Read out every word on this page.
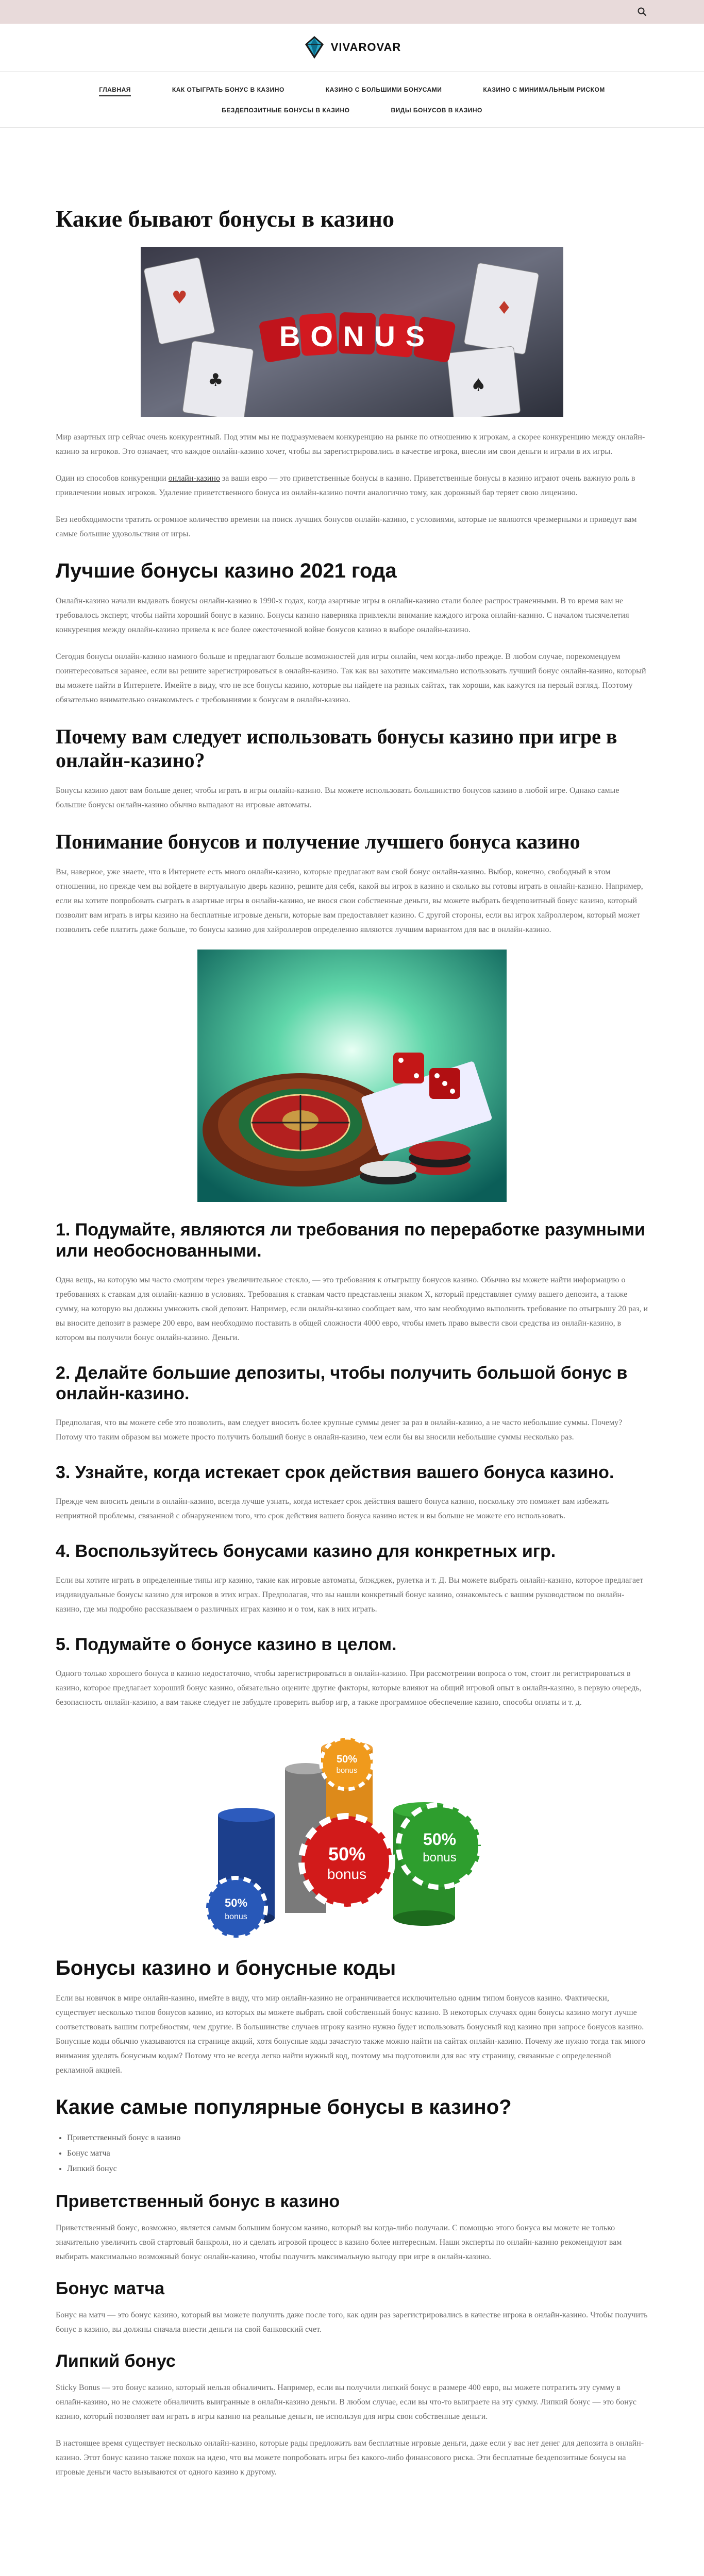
VIVAROVAR
ГЛАВНАЯ	КАК ОТЫГРАТЬ БОНУС В КАЗИНО	КАЗИНО С БОЛЬШИМИ БОНУСАМИ	КАЗИНО С МИНИМАЛЬНЫМ РИСКОМ
БЕЗДЕПОЗИТНЫЕ БОНУСЫ В КАЗИНО	ВИДЫ БОНУСОВ В КАЗИНО
Какие бывают бонусы в казино
♥	♦
♣	♠
BONUS

Мир азартных игр сейчас очень конкурентный. Под этим мы не подразумеваем конкуренцию на рынке по отношению к игрокам, а скорее конкуренцию между онлайн-казино за игроков. Это означает, что каждое онлайн-казино хочет, чтобы вы зарегистрировались в качестве игрока, внесли им свои деньги и играли в их игры.

Один из способов конкуренции онлайн-казино за ваши евро — это приветственные бонусы в казино. Приветственные бонусы в казино играют очень важную роль в привлечении новых игроков. Удаление приветственного бонуса из онлайн-казино почти аналогично тому, как дорожный бар теряет свою лицензию.

Без необходимости тратить огромное количество времени на поиск лучших бонусов онлайн-казино, с условиями, которые не являются чрезмерными и приведут вам самые большие удовольствия от игры.

Лучшие бонусы казино 2021 года

Онлайн-казино начали выдавать бонусы онлайн-казино в 1990-х годах, когда азартные игры в онлайн-казино стали более распространенными. В то время вам не требовалось эксперт, чтобы найти хороший бонус в казино. Бонусы казино наверняка привлекли внимание каждого игрока онлайн-казино. С началом тысячелетия конкуренция между онлайн-казино привела к все более ожесточенной войне бонусов казино в выборе онлайн-казино.

Сегодня бонусы онлайн-казино намного больше и предлагают больше возможностей для игры онлайн, чем когда-либо прежде. В любом случае, порекомендуем поинтересоваться заранее, если вы решите зарегистрироваться в онлайн-казино. Так как вы захотите максимально использовать лучший бонус онлайн-казино, который вы можете найти в Интернете. Имейте в виду, что не все бонусы казино, которые вы найдете на разных сайтах, так хороши, как кажутся на первый взгляд. Поэтому обязательно внимательно ознакомьтесь с требованиями к бонусам в онлайн-казино.

Почему вам следует использовать бонусы казино при игре в онлайн-казино?

Бонусы казино дают вам больше денег, чтобы играть в игры онлайн-казино. Вы можете использовать большинство бонусов казино в любой игре. Однако самые большие бонусы онлайн-казино обычно выпадают на игровые автоматы.

Понимание бонусов и получение лучшего бонуса казино

Вы, наверное, уже знаете, что в Интернете есть много онлайн-казино, которые предлагают вам свой бонус онлайн-казино. Выбор, конечно, свободный в этом отношении, но прежде чем вы войдете в виртуальную дверь казино, решите для себя, какой вы игрок в казино и сколько вы готовы играть в онлайн-казино. Например, если вы хотите попробовать сыграть в азартные игры в онлайн-казино, не внося свои собственные деньги, вы можете выбрать бездепозитный бонус казино, который позволит вам играть в игры казино на бесплатные игровые деньги, которые вам предоставляет казино. С другой стороны, если вы игрок хайроллером, который может позволить себе платить даже больше, то бонусы казино для хайроллеров определенно являются лучшим вариантом для вас в онлайн-казино.

1. Подумайте, являются ли требования по переработке разумными или необоснованными.

Одна вещь, на которую мы часто смотрим через увеличительное стекло, — это требования к отыгрышу бонусов казино. Обычно вы можете найти информацию о требованиях к ставкам для онлайн-казино в условиях. Требования к ставкам часто представлены знаком X, который представляет сумму вашего депозита, а также сумму, на которую вы должны умножить свой депозит. Например, если онлайн-казино сообщает вам, что вам необходимо выполнить требование по отыгрышу 20 раз, и вы вносите депозит в размере 200 евро, вам необходимо поставить в общей сложности 4000 евро, чтобы иметь право вывести свои средства из онлайн-казино, в котором вы получили бонус онлайн-казино. Деньги.

2. Делайте большие депозиты, чтобы получить большой бонус в онлайн-казино.

Предполагая, что вы можете себе это позволить, вам следует вносить более крупные суммы денег за раз в онлайн-казино, а не часто небольшие суммы. Почему? Потому что таким образом вы можете просто получить больший бонус в онлайн-казино, чем если бы вы вносили небольшие суммы несколько раз.

3. Узнайте, когда истекает срок действия вашего бонуса казино.

Прежде чем вносить деньги в онлайн-казино, всегда лучше узнать, когда истекает срок действия вашего бонуса казино, поскольку это поможет вам избежать неприятной проблемы, связанной с обнаружением того, что срок действия вашего бонуса казино истек и вы больше не можете его использовать.

4. Воспользуйтесь бонусами казино для конкретных игр.

Если вы хотите играть в определенные типы игр казино, такие как игровые автоматы, блэкджек, рулетка и т. Д. Вы можете выбрать онлайн-казино, которое предлагает индивидуальные бонусы казино для игроков в этих играх. Предполагая, что вы нашли конкретный бонус казино, ознакомьтесь с вашим руководством по онлайн-казино, где мы подробно рассказываем о различных играх казино и о том, как в них играть.

5. Подумайте о бонусе казино в целом.

Одного только хорошего бонуса в казино недостаточно, чтобы зарегистрироваться в онлайн-казино. При рассмотрении вопроса о том, стоит ли регистрироваться в казино, которое предлагает хороший бонус казино, обязательно оцените другие факторы, которые влияют на общий игровой опыт в онлайн-казино, в первую очередь, безопасность онлайн-казино, а вам также следует не забудьте проверить выбор игр, а также программное обеспечение казино, способы оплаты и т. д.

50%
bonus
50%
bonus
50%
bonus
50%
bonus
Бонусы казино и бонусные коды

Если вы новичок в мире онлайн-казино, имейте в виду, что мир онлайн-казино не ограничивается исключительно одним типом бонусов казино. Фактически, существует несколько типов бонусов казино, из которых вы можете выбрать свой собственный бонус казино. В некоторых случаях один бонусы казино могут лучше соответствовать вашим потребностям, чем другие. В большинстве случаев игроку казино нужно будет использовать бонусный код казино при запросе бонусов казино. Бонусные коды обычно указываются на странице акций, хотя бонусные коды зачастую также можно найти на сайтах онлайн-казино. Почему же нужно тогда так много внимания уделять бонусным кодам? Потому что не всегда легко найти нужный код, поэтому мы подготовили для вас эту страницу, связанные с определенной рекламной акцией.

Какие самые популярные бонусы в казино?
• Приветственный бонус в казино
• Бонус матча
• Липкий бонус
Приветственный бонус в казино

Приветственный бонус, возможно, является самым большим бонусом казино, который вы когда-либо получали. С помощью этого бонуса вы можете не только значительно увеличить свой стартовый банкролл, но и сделать игровой процесс в казино более интересным. Наши эксперты по онлайн-казино рекомендуют вам выбирать максимально возможный бонус онлайн-казино, чтобы получить максимальную выгоду при игре в онлайн-казино.

Бонус матча

Бонус на матч — это бонус казино, который вы можете получить даже после того, как один раз зарегистрировались в качестве игрока в онлайн-казино. Чтобы получить бонус в казино, вы должны сначала внести деньги на свой банковский счет.

Липкий бонус

Sticky Bonus — это бонус казино, который нельзя обналичить. Например, если вы получили липкий бонус в размере 400 евро, вы можете потратить эту сумму в онлайн-казино, но не сможете обналичить выигранные в онлайн-казино деньги. В любом случае, если вы что-то выиграете на эту сумму. Липкий бонус — это бонус казино, который позволяет вам играть в игры казино на реальные деньги, не используя для игры свои собственные деньги.

В настоящее время существует несколько онлайн-казино, которые рады предложить вам бесплатные игровые деньги, даже если у вас нет денег для депозита в онлайн-казино. Этот бонус казино также похож на идею, что вы можете попробовать игры без какого-либо финансового риска. Эти бесплатные бездепозитные бонусы на игровые деньги часто вызываются от одного казино к другому.
